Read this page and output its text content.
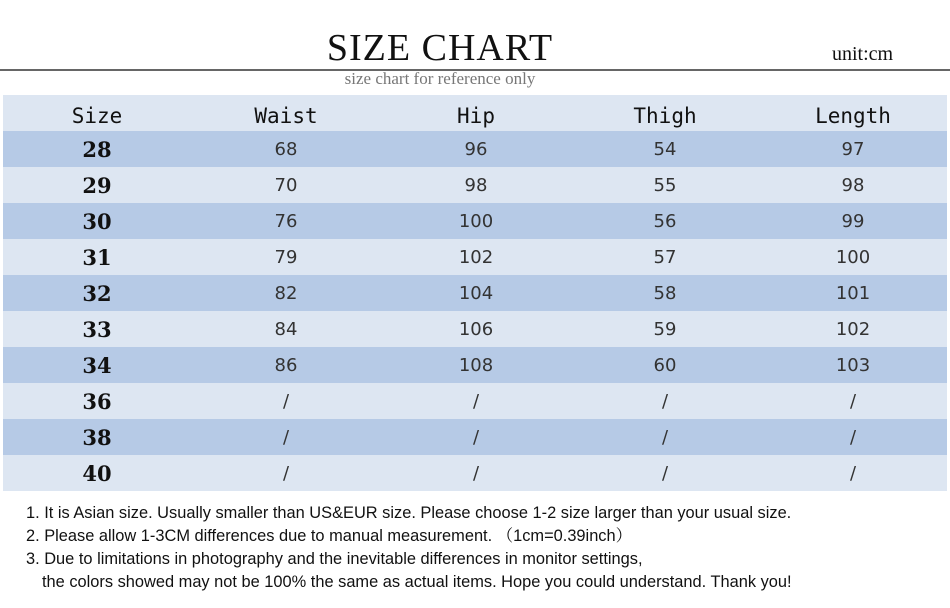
SIZE CHART	unit:cm
size chart for reference only
Size	Waist	Hip	Thigh	Length
28	68	96	54	97
29	70	98	55	98
30	76	100	56	99
31	79	102	57	100
32	82	104	58	101
33	84	106	59	102
34	86	108	60	103
36	/	/	/	/
38	/	/	/	/
40	/	/	/	/
1. It is Asian size. Usually smaller than US&EUR size. Please choose 1-2 size larger than your usual size.
2. Please allow 1-3CM differences due to manual measurement. （1cm=0.39inch）
3. Due to limitations in photography and the inevitable differences in monitor settings,
the colors showed may not be 100% the same as actual items. Hope you could understand. Thank you!
